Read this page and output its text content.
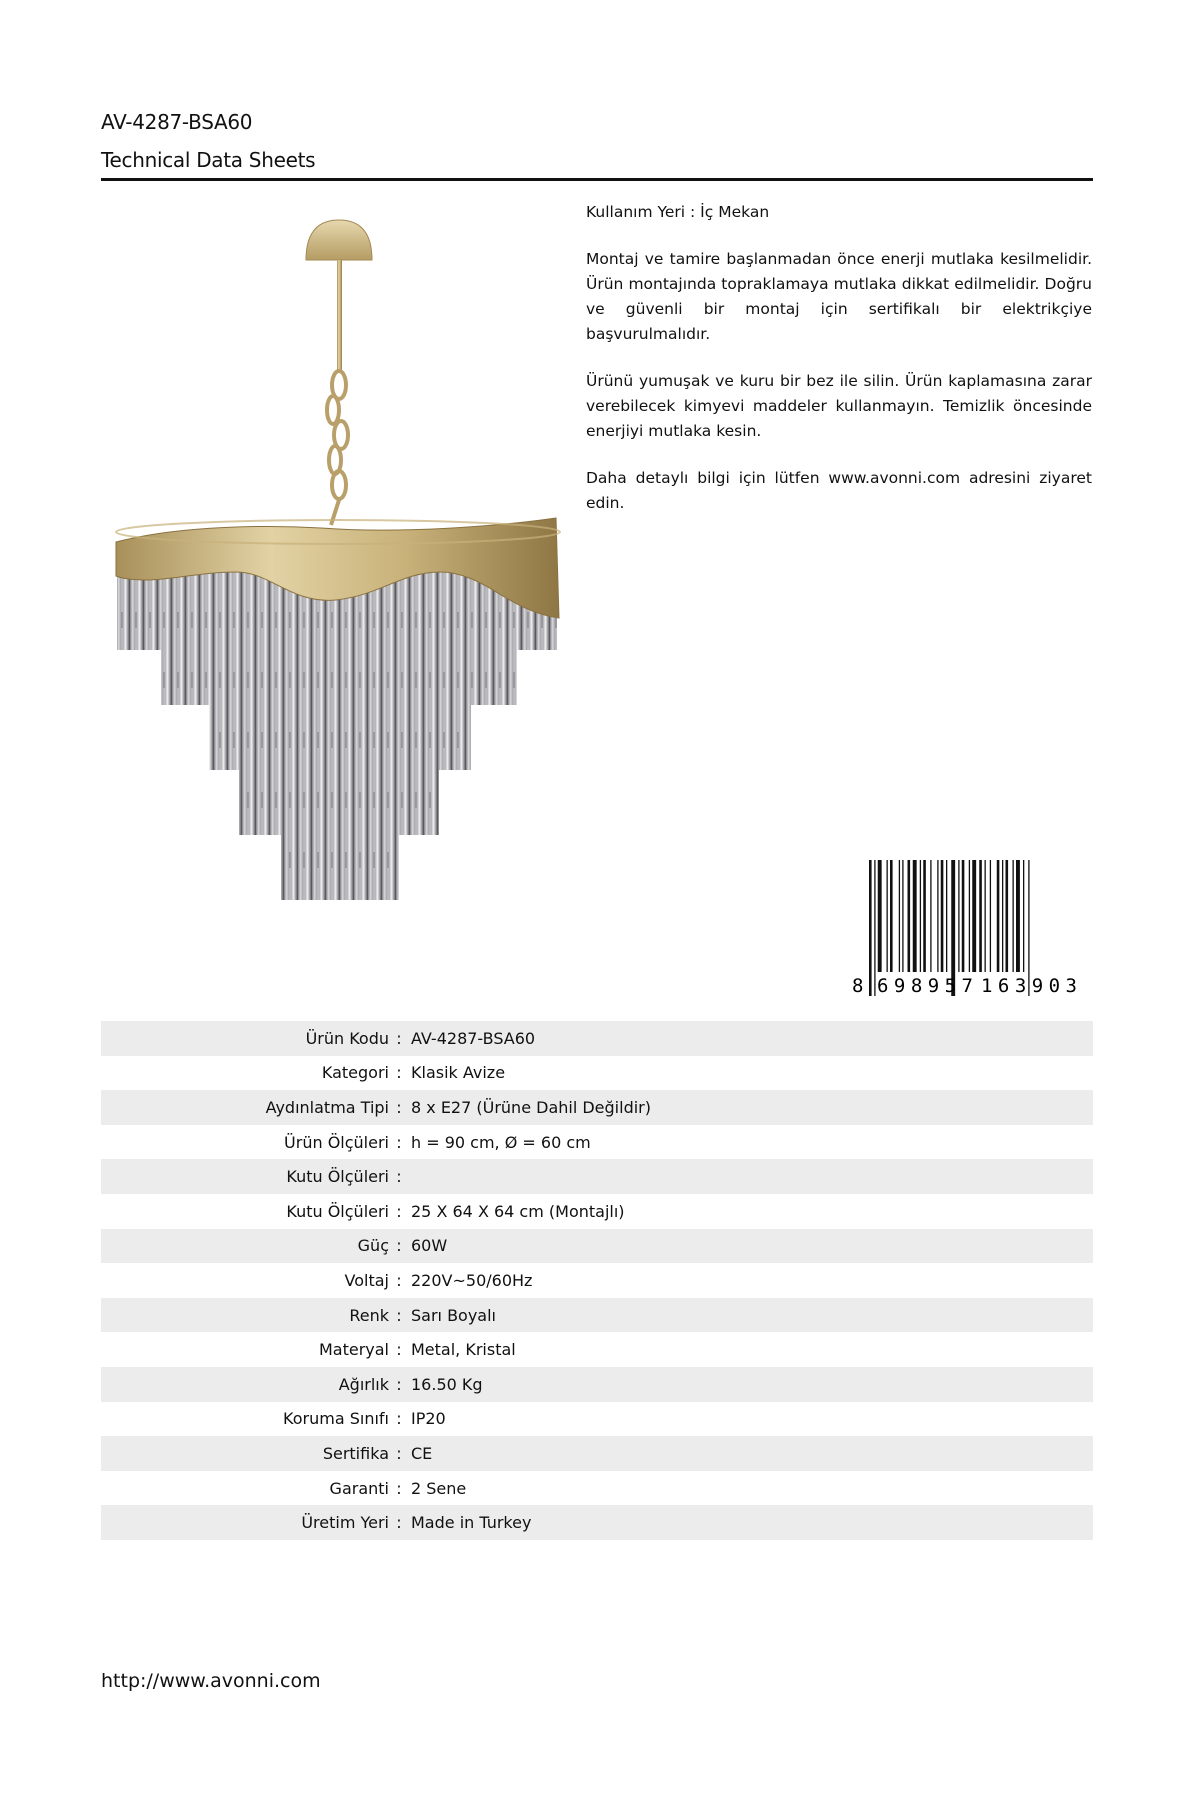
AV-4287-BSA60
Technical Data Sheets

Kullanım Yeri : İç Mekan

Montaj ve tamire başlanmadan önce enerji mutlaka kesilmelidir. Ürün montajında topraklamaya mutlaka dikkat edilmelidir. Doğru ve güvenli bir montaj için sertifikalı bir elektrikçiye başvurulmalıdır.

Ürünü yumuşak ve kuru bir bez ile silin. Ürün kaplamasına zarar verebilecek kimyevi maddeler kullanmayın. Temizlik öncesinde enerjiyi mutlaka kesin.

Daha detaylı bilgi için lütfen www.avonni.com adresini ziyaret edin.

8 698957 163903
Ürün Kodu : AV-4287-BSA60
Kategori : Klasik Avize
Aydınlatma Tipi : 8 x E27 (Ürüne Dahil Değildir)
Ürün Ölçüleri : h = 90 cm, Ø = 60 cm
Kutu Ölçüleri :
Kutu Ölçüleri : 25 X 64 X 64 cm (Montajlı)
Güç : 60W
Voltaj : 220V~50/60Hz
Renk : Sarı Boyalı
Materyal : Metal, Kristal
Ağırlık : 16.50 Kg
Koruma Sınıfı : IP20
Sertifika : CE
Garanti : 2 Sene
Üretim Yeri : Made in Turkey
http://www.avonni.com
